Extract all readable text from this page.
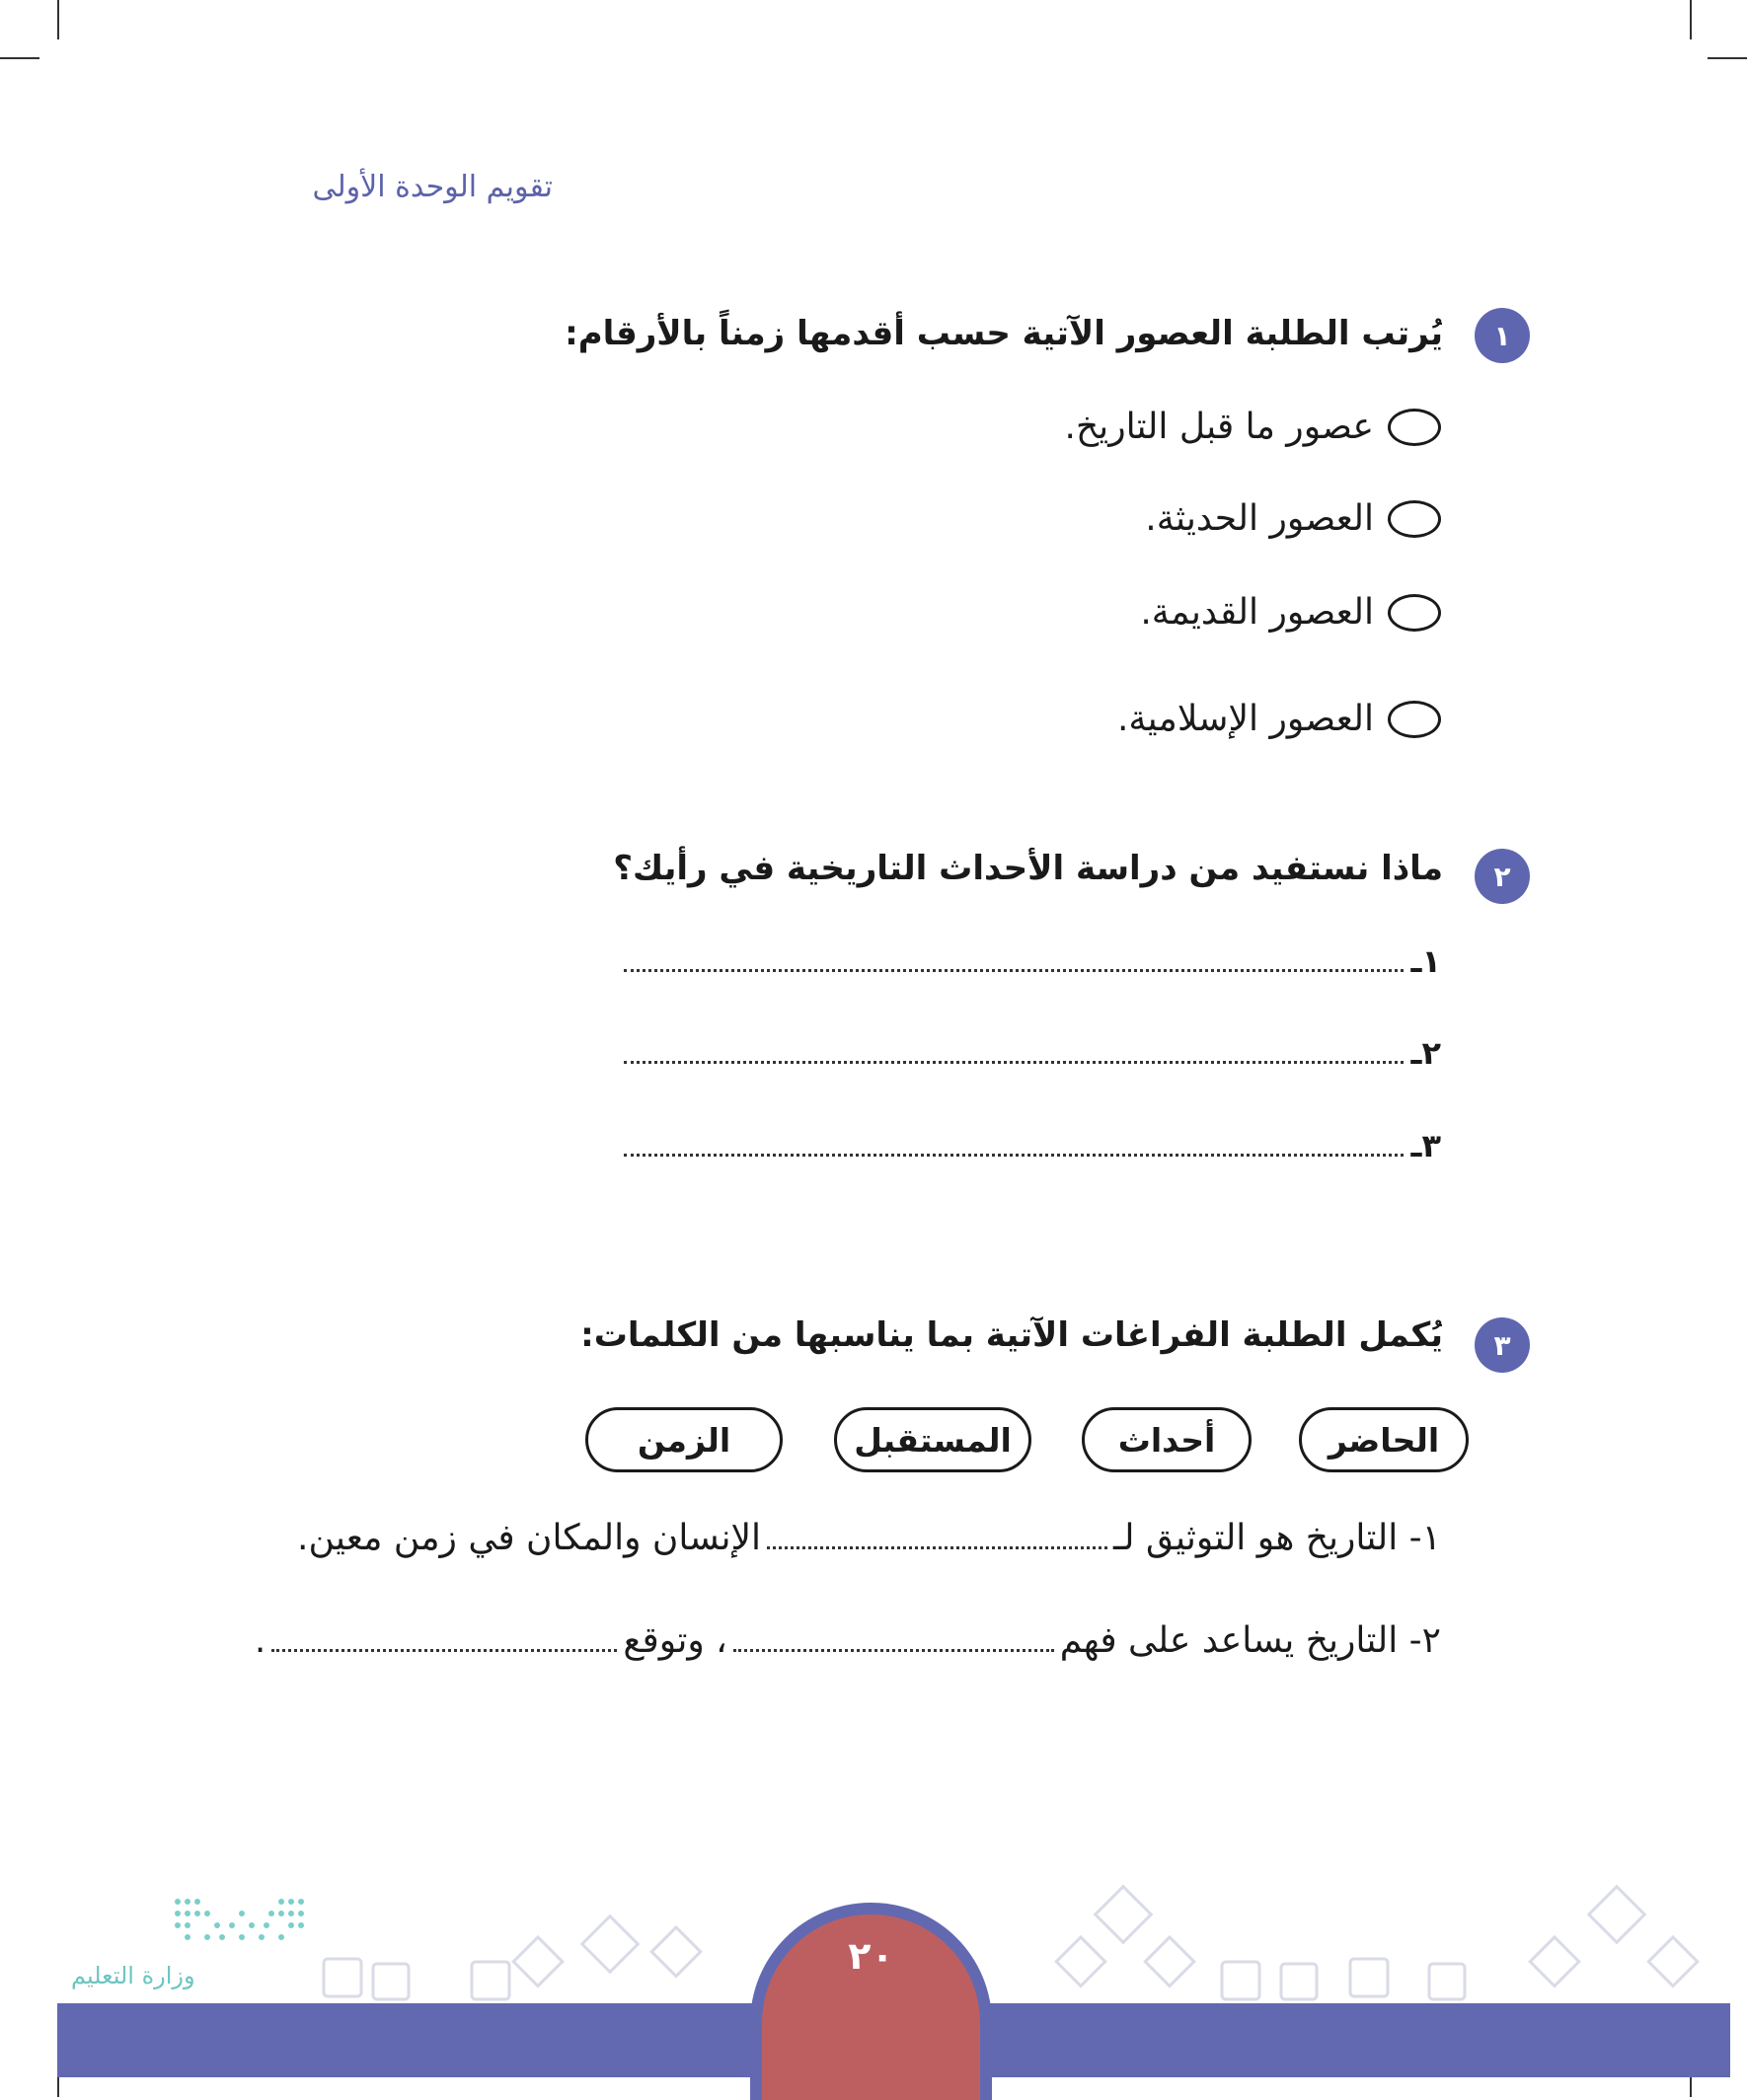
تقويم الوحدة الأولى
١
يُرتب الطلبة العصور الآتية حسب أقدمها زمناً بالأرقام:
عصور ما قبل التاريخ.
العصور الحديثة.
العصور القديمة.
العصور الإسلامية.
٢
ماذا نستفيد من دراسة الأحداث التاريخية في رأيك؟
١ـ
٢ـ
٣ـ
٣
يُكمل الطلبة الفراغات الآتية بما يناسبها من الكلمات:
الحاضر
أحداث
المستقبل
الزمن
١- التاريخ هو التوثيق لـ
الإنسان والمكان في زمن معين.
٢- التاريخ يساعد على فهم
، وتوقع
.
وزارة التعليم	٢٠
